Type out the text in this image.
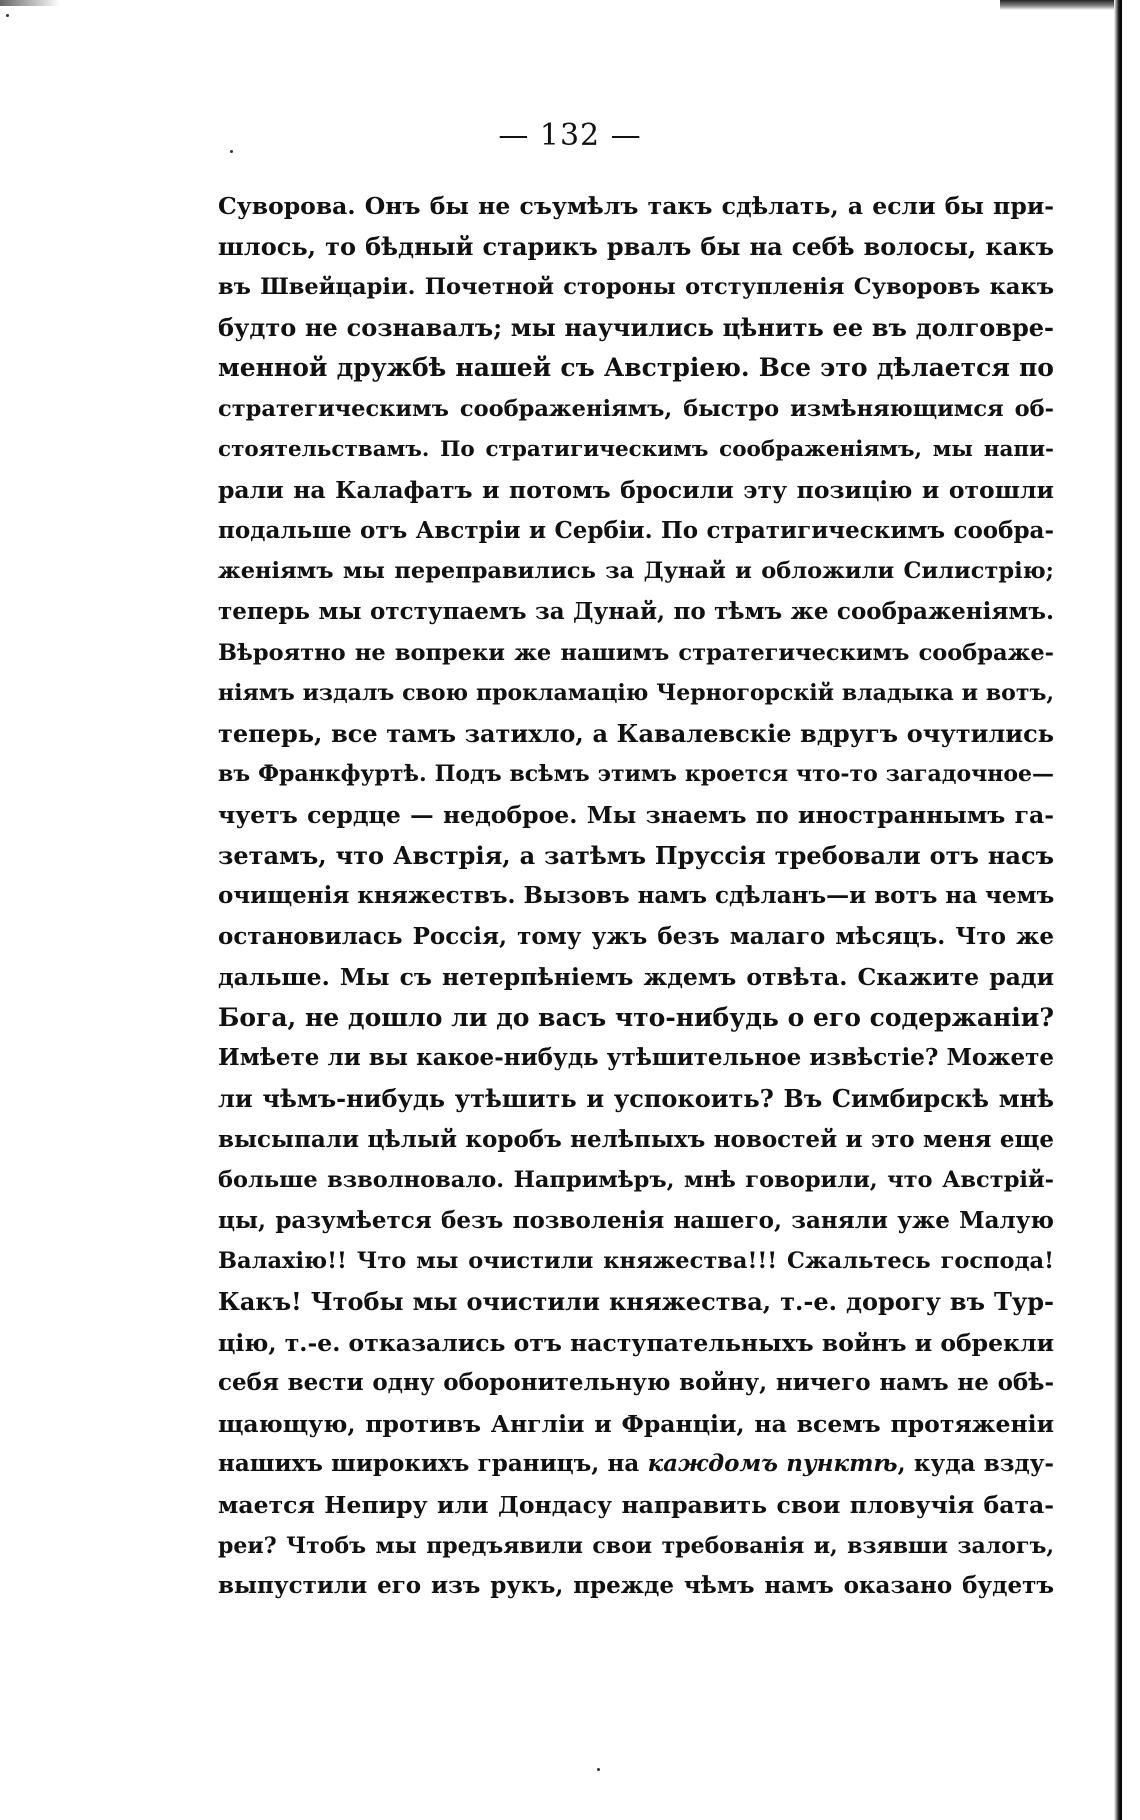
— 132 —
Суворова. Онъ бы не съумѣлъ такъ сдѣлать, а если бы при-
шлось, то бѣдный старикъ рвалъ бы на себѣ волосы, какъ
въ Швейцаріи. Почетной стороны отступленія Суворовъ какъ
будто не сознавалъ; мы научились цѣнить ее въ долговре-
менной дружбѣ нашей съ Австріею. Все это дѣлается по
стратегическимъ соображеніямъ, быстро измѣняющимся об-
стоятельствамъ. По стратигическимъ соображеніямъ, мы напи-
рали на Калафатъ и потомъ бросили эту позицію и отошли
подальше отъ Австріи и Сербіи. По стратигическимъ сообра-
женіямъ мы переправились за Дунай и обложили Силистрію;
теперь мы отступаемъ за Дунай, по тѣмъ же соображеніямъ.
Вѣроятно не вопреки же нашимъ стратегическимъ соображе-
ніямъ издалъ свою прокламацію Черногорскій владыка и вотъ,
теперь, все тамъ затихло, а Кавалевскіе вдругъ очутились
въ Франкфуртѣ. Подъ всѣмъ этимъ кроется что-то загадочное—
чуетъ сердце — недоброе. Мы знаемъ по иностраннымъ га-
зетамъ, что Австрія, а затѣмъ Пруссія требовали отъ насъ
очищенія княжествъ. Вызовъ намъ сдѣланъ—и вотъ на чемъ
остановилась Россія, тому ужъ безъ малаго мѣсяцъ. Что же
дальше. Мы съ нетерпѣніемъ ждемъ отвѣта. Скажите ради
Бога, не дошло ли до васъ что-нибудь о его содержаніи?
Имѣете ли вы какое-нибудь утѣшительное извѣстіе? Можете
ли чѣмъ-нибудь утѣшить и успокоить? Въ Симбирскѣ мнѣ
высыпали цѣлый коробъ нелѣпыхъ новостей и это меня еще
больше взволновало. Напримѣръ, мнѣ говорили, что Австрій-
цы, разумѣется безъ позволенія нашего, заняли уже Малую
Валахію!! Что мы очистили княжества!!! Сжальтесь господа!
Какъ! Чтобы мы очистили княжества, т.-е. дорогу въ Тур-
цію, т.-е. отказались отъ наступательныхъ войнъ и обрекли
себя вести одну оборонительную войну, ничего намъ не обѣ-
щающую, противъ Англіи и Франціи, на всемъ протяженіи
нашихъ широкихъ границъ, на каждомъ пунктѣ, куда взду-
мается Непиру или Дондасу направить свои пловучія бата-
реи? Чтобъ мы предъявили свои требованія и, взявши залогъ,
выпустили его изъ рукъ, прежде чѣмъ намъ оказано будетъ
